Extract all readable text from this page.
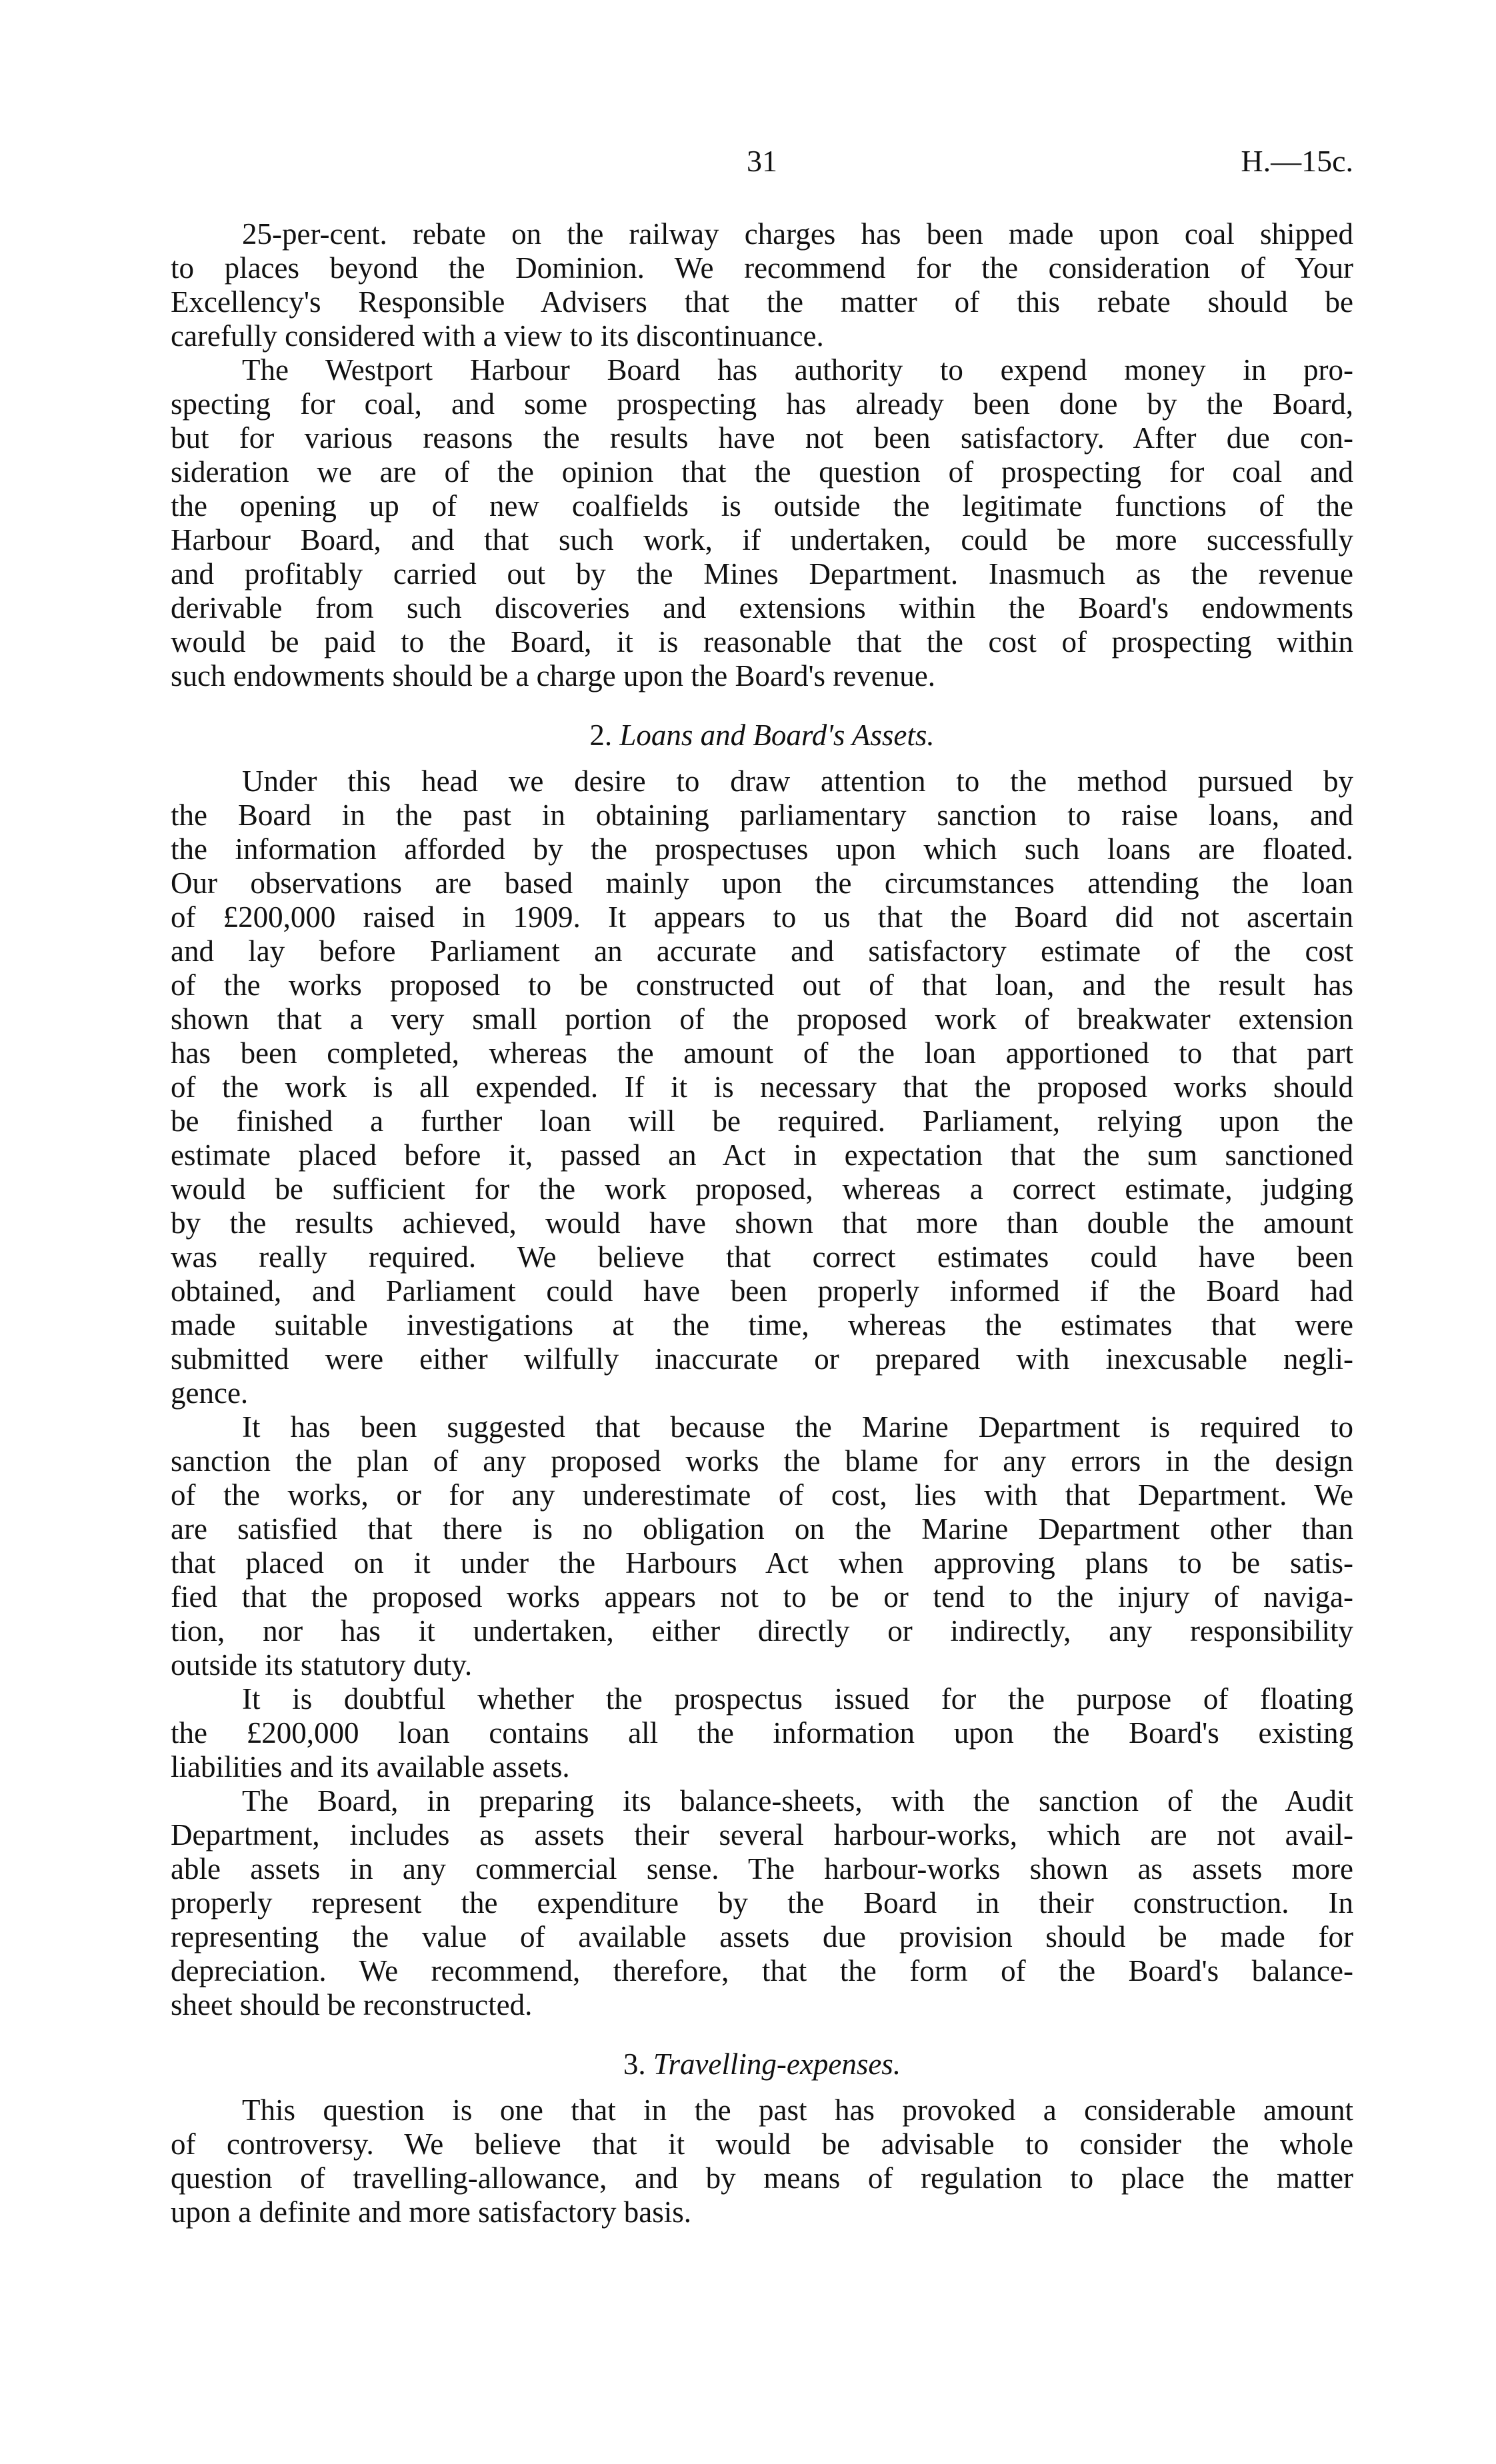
31	H.—15c.
25-per-cent. rebate on the railway charges has been made upon coal shipped
to places beyond the Dominion. We recommend for the consideration of Your
Excellency's Responsible Advisers that the matter of this rebate should be
carefully considered with a view to its discontinuance.
The Westport Harbour Board has authority to expend money in pro-
specting for coal, and some prospecting has already been done by the Board,
but for various reasons the results have not been satisfactory. After due con-
sideration we are of the opinion that the question of prospecting for coal and
the opening up of new coalfields is outside the legitimate functions of the
Harbour Board, and that such work, if undertaken, could be more successfully
and profitably carried out by the Mines Department. Inasmuch as the revenue
derivable from such discoveries and extensions within the Board's endowments
would be paid to the Board, it is reasonable that the cost of prospecting within
such endowments should be a charge upon the Board's revenue.
2. Loans and Board's Assets.
Under this head we desire to draw attention to the method pursued by
the Board in the past in obtaining parliamentary sanction to raise loans, and
the information afforded by the prospectuses upon which such loans are floated.
Our observations are based mainly upon the circumstances attending the loan
of £200,000 raised in 1909. It appears to us that the Board did not ascertain
and lay before Parliament an accurate and satisfactory estimate of the cost
of the works proposed to be constructed out of that loan, and the result has
shown that a very small portion of the proposed work of breakwater extension
has been completed, whereas the amount of the loan apportioned to that part
of the work is all expended. If it is necessary that the proposed works should
be finished a further loan will be required. Parliament, relying upon the
estimate placed before it, passed an Act in expectation that the sum sanctioned
would be sufficient for the work proposed, whereas a correct estimate, judging
by the results achieved, would have shown that more than double the amount
was really required. We believe that correct estimates could have been
obtained, and Parliament could have been properly informed if the Board had
made suitable investigations at the time, whereas the estimates that were
submitted were either wilfully inaccurate or prepared with inexcusable negli-
gence.
It has been suggested that because the Marine Department is required to
sanction the plan of any proposed works the blame for any errors in the design
of the works, or for any underestimate of cost, lies with that Department. We
are satisfied that there is no obligation on the Marine Department other than
that placed on it under the Harbours Act when approving plans to be satis-
fied that the proposed works appears not to be or tend to the injury of naviga-
tion, nor has it undertaken, either directly or indirectly, any responsibility
outside its statutory duty.
It is doubtful whether the prospectus issued for the purpose of floating
the £200,000 loan contains all the information upon the Board's existing
liabilities and its available assets.
The Board, in preparing its balance-sheets, with the sanction of the Audit
Department, includes as assets their several harbour-works, which are not avail-
able assets in any commercial sense. The harbour-works shown as assets more
properly represent the expenditure by the Board in their construction. In
representing the value of available assets due provision should be made for
depreciation. We recommend, therefore, that the form of the Board's balance-
sheet should be reconstructed.
3. Travelling-expenses.
This question is one that in the past has provoked a considerable amount
of controversy. We believe that it would be advisable to consider the whole
question of travelling-allowance, and by means of regulation to place the matter
upon a definite and more satisfactory basis.
